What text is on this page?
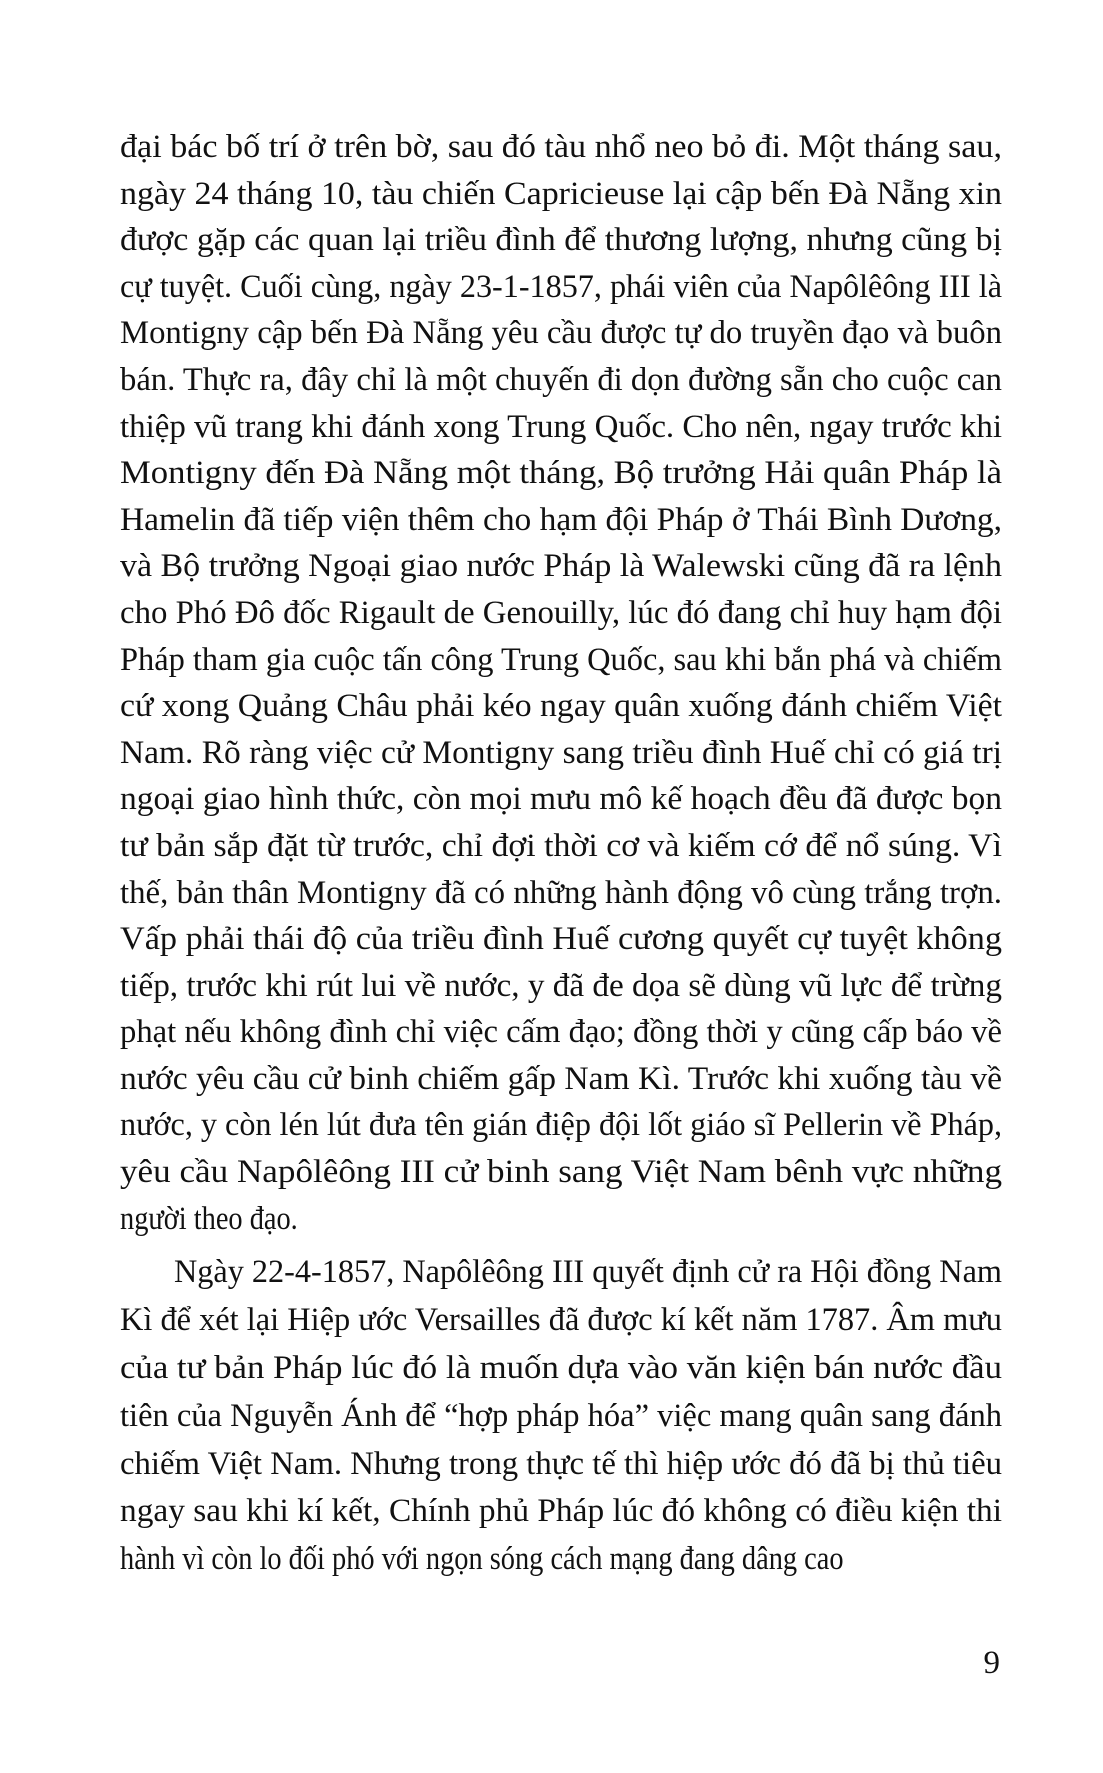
đại bác bố trí ở trên bờ, sau đó tàu nhổ neo bỏ đi. Một tháng sau,
ngày 24 tháng 10, tàu chiến Capricieuse lại cập bến Đà Nẵng xin
được gặp các quan lại triều đình để thương lượng, nhưng cũng bị
cự tuyệt. Cuối cùng, ngày 23-1-1857, phái viên của Napôlêông III là
Montigny cập bến Đà Nẵng yêu cầu được tự do truyền đạo và buôn
bán. Thực ra, đây chỉ là một chuyến đi dọn đường sẵn cho cuộc can
thiệp vũ trang khi đánh xong Trung Quốc. Cho nên, ngay trước khi
Montigny đến Đà Nẵng một tháng, Bộ trưởng Hải quân Pháp là
Hamelin đã tiếp viện thêm cho hạm đội Pháp ở Thái Bình Dương,
và Bộ trưởng Ngoại giao nước Pháp là Walewski cũng đã ra lệnh
cho Phó Đô đốc Rigault de Genouilly, lúc đó đang chỉ huy hạm đội
Pháp tham gia cuộc tấn công Trung Quốc, sau khi bắn phá và chiếm
cứ xong Quảng Châu phải kéo ngay quân xuống đánh chiếm Việt
Nam. Rõ ràng việc cử Montigny sang triều đình Huế chỉ có giá trị
ngoại giao hình thức, còn mọi mưu mô kế hoạch đều đã được bọn
tư bản sắp đặt từ trước, chỉ đợi thời cơ và kiếm cớ để nổ súng. Vì
thế, bản thân Montigny đã có những hành động vô cùng trắng trợn.
Vấp phải thái độ của triều đình Huế cương quyết cự tuyệt không
tiếp, trước khi rút lui về nước, y đã đe dọa sẽ dùng vũ lực để trừng
phạt nếu không đình chỉ việc cấm đạo; đồng thời y cũng cấp báo về
nước yêu cầu cử binh chiếm gấp Nam Kì. Trước khi xuống tàu về
nước, y còn lén lút đưa tên gián điệp đội lốt giáo sĩ Pellerin về Pháp,
yêu cầu Napôlêông III cử binh sang Việt Nam bênh vực những
người theo đạo.
Ngày 22-4-1857, Napôlêông III quyết định cử ra Hội đồng Nam
Kì để xét lại Hiệp ước Versailles đã được kí kết năm 1787. Âm mưu
của tư bản Pháp lúc đó là muốn dựa vào văn kiện bán nước đầu
tiên của Nguyễn Ánh để “hợp pháp hóa” việc mang quân sang đánh
chiếm Việt Nam. Nhưng trong thực tế thì hiệp ước đó đã bị thủ tiêu
ngay sau khi kí kết, Chính phủ Pháp lúc đó không có điều kiện thi
hành vì còn lo đối phó với ngọn sóng cách mạng đang dâng cao
9
